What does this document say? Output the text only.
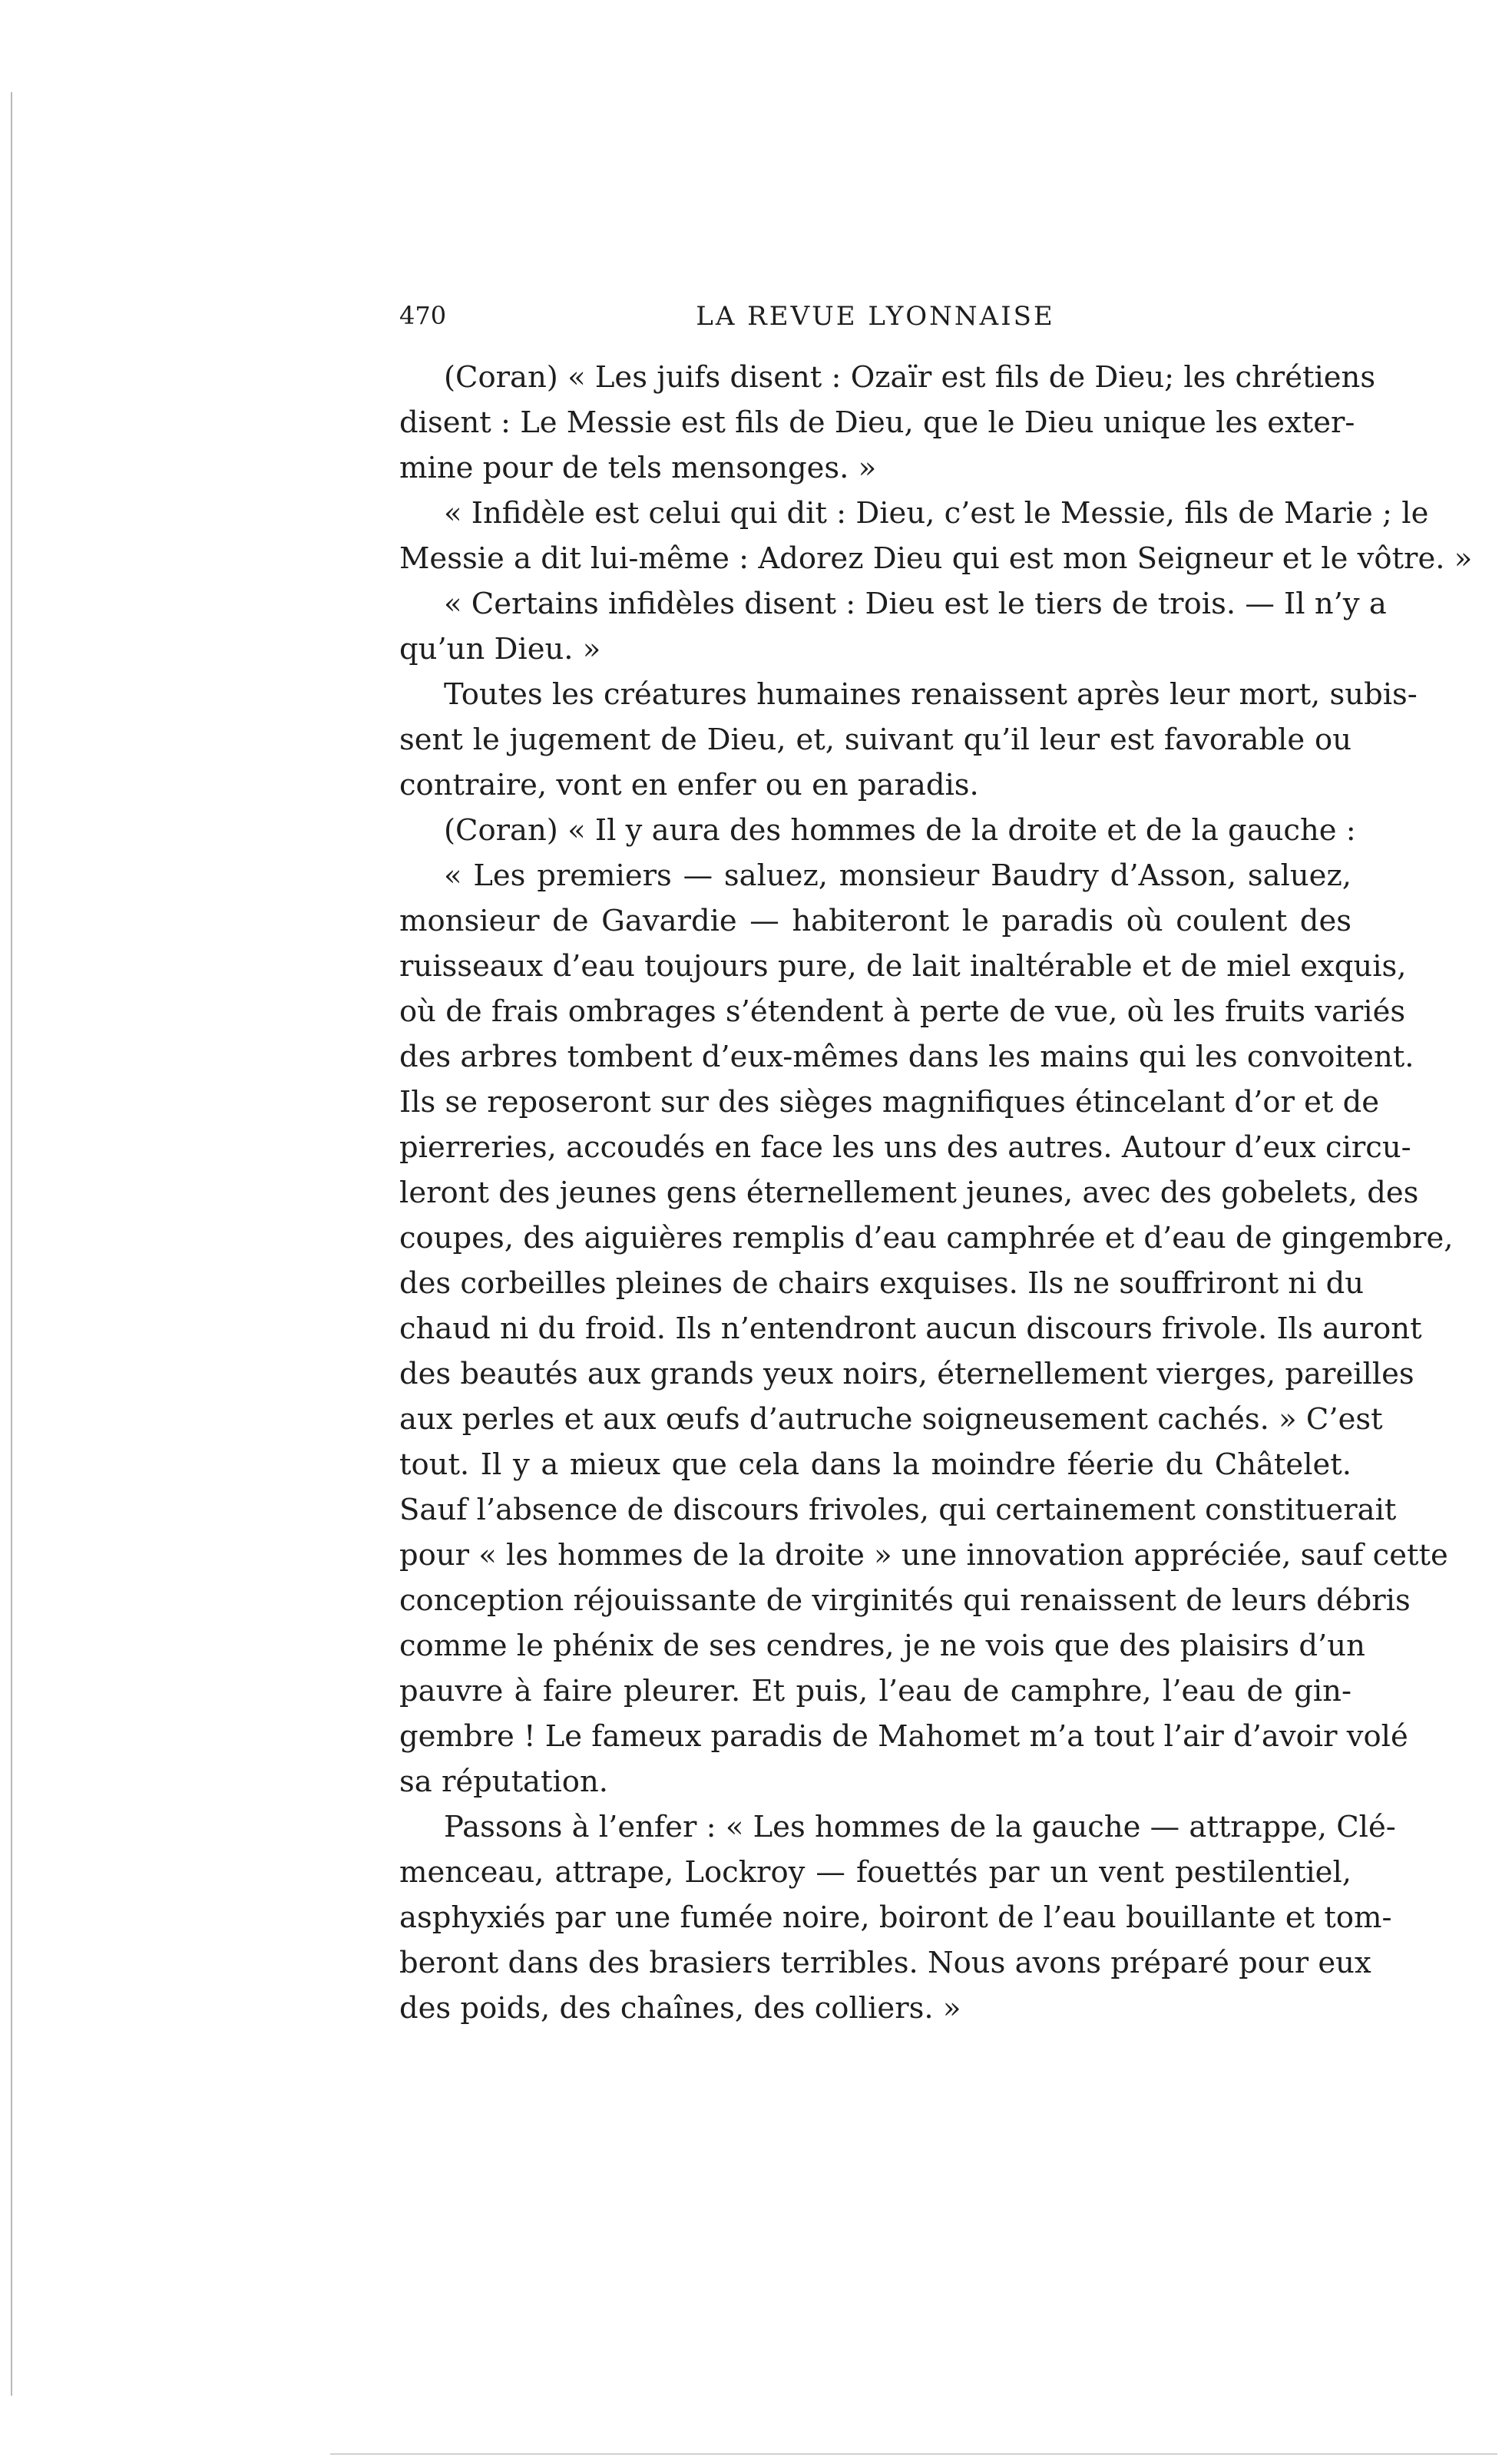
470	LA REVUE LYONNAISE
(Coran) « Les juifs disent : Ozaïr est fils de Dieu; les chrétiens
disent : Le Messie est fils de Dieu, que le Dieu unique les exter-
mine pour de tels mensonges. »
« Infidèle est celui qui dit : Dieu, c’est le Messie, fils de Marie ; le
Messie a dit lui-même : Adorez Dieu qui est mon Seigneur et le vôtre. »
« Certains infidèles disent : Dieu est le tiers de trois. — Il n’y a
qu’un Dieu. »
Toutes les créatures humaines renaissent après leur mort, subis-
sent le jugement de Dieu, et, suivant qu’il leur est favorable ou
contraire, vont en enfer ou en paradis.
(Coran) « Il y aura des hommes de la droite et de la gauche :
« Les premiers — saluez, monsieur Baudry d’Asson, saluez,
monsieur de Gavardie — habiteront le paradis où coulent des
ruisseaux d’eau toujours pure, de lait inaltérable et de miel exquis,
où de frais ombrages s’étendent à perte de vue, où les fruits variés
des arbres tombent d’eux-mêmes dans les mains qui les convoitent.
Ils se reposeront sur des sièges magnifiques étincelant d’or et de
pierreries, accoudés en face les uns des autres. Autour d’eux circu-
leront des jeunes gens éternellement jeunes, avec des gobelets, des
coupes, des aiguières remplis d’eau camphrée et d’eau de gingembre,
des corbeilles pleines de chairs exquises. Ils ne souffriront ni du
chaud ni du froid. Ils n’entendront aucun discours frivole. Ils auront
des beautés aux grands yeux noirs, éternellement vierges, pareilles
aux perles et aux œufs d’autruche soigneusement cachés. » C’est
tout. Il y a mieux que cela dans la moindre féerie du Châtelet.
Sauf l’absence de discours frivoles, qui certainement constituerait
pour « les hommes de la droite » une innovation appréciée, sauf cette
conception réjouissante de virginités qui renaissent de leurs débris
comme le phénix de ses cendres, je ne vois que des plaisirs d’un
pauvre à faire pleurer. Et puis, l’eau de camphre, l’eau de gin-
gembre ! Le fameux paradis de Mahomet m’a tout l’air d’avoir volé
sa réputation.
Passons à l’enfer : « Les hommes de la gauche — attrappe, Clé-
menceau, attrape, Lockroy — fouettés par un vent pestilentiel,
asphyxiés par une fumée noire, boiront de l’eau bouillante et tom-
beront dans des brasiers terribles. Nous avons préparé pour eux
des poids, des chaînes, des colliers. »
